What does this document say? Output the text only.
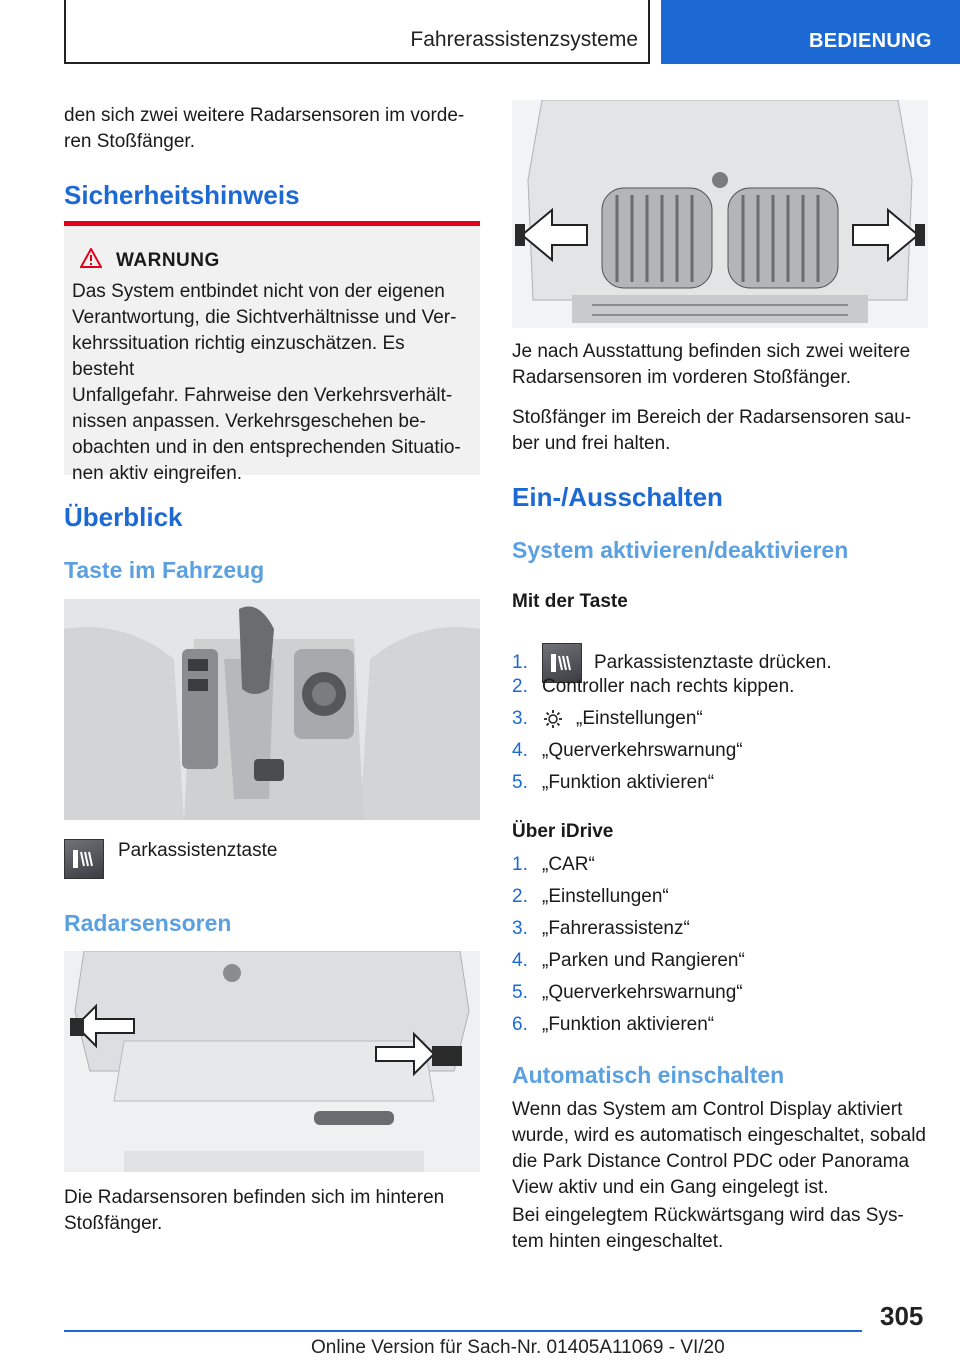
Fahrerassistenzsysteme	BEDIENUNG

den sich zwei weitere Radarsensoren im vorde-
ren Stoßfänger.

Sicherheitshinweis
WARNUNG

Das System entbindet nicht von der eigenen
Verantwortung, die Sichtverhältnisse und Ver-
kehrssituation richtig einzuschätzen. Es besteht
Unfallgefahr. Fahrweise den Verkehrsverhält-
nissen anpassen. Verkehrsgeschehen be-
obachten und in den entsprechenden Situatio-
nen aktiv eingreifen.

Überblick
Taste im Fahrzeug
Parkassistenztaste
Radarsensoren

Die Radarsensoren befinden sich im hinteren
Stoßfänger.

Je nach Ausstattung befinden sich zwei weitere
Radarsensoren im vorderen Stoßfänger.

Stoßfänger im Bereich der Radarsensoren sau-
ber und frei halten.

Ein-/Ausschalten
System aktivieren/deaktivieren
Mit der Taste
1.	Parkassistenztaste drücken.
2. Controller nach rechts kippen.
3.	„Einstellungen“
4. „Querverkehrswarnung“
5. „Funktion aktivieren“
Über iDrive
1. „CAR“
2. „Einstellungen“
3. „Fahrerassistenz“
4. „Parken und Rangieren“
5. „Querverkehrswarnung“
6. „Funktion aktivieren“
Automatisch einschalten

Wenn das System am Control Display aktiviert
wurde, wird es automatisch eingeschaltet, sobald
die Park Distance Control PDC oder Panorama
View aktiv und ein Gang eingelegt ist.

Bei eingelegtem Rückwärtsgang wird das Sys-
tem hinten eingeschaltet.

305
Online Version für Sach-Nr. 01405A11069 - VI/20
